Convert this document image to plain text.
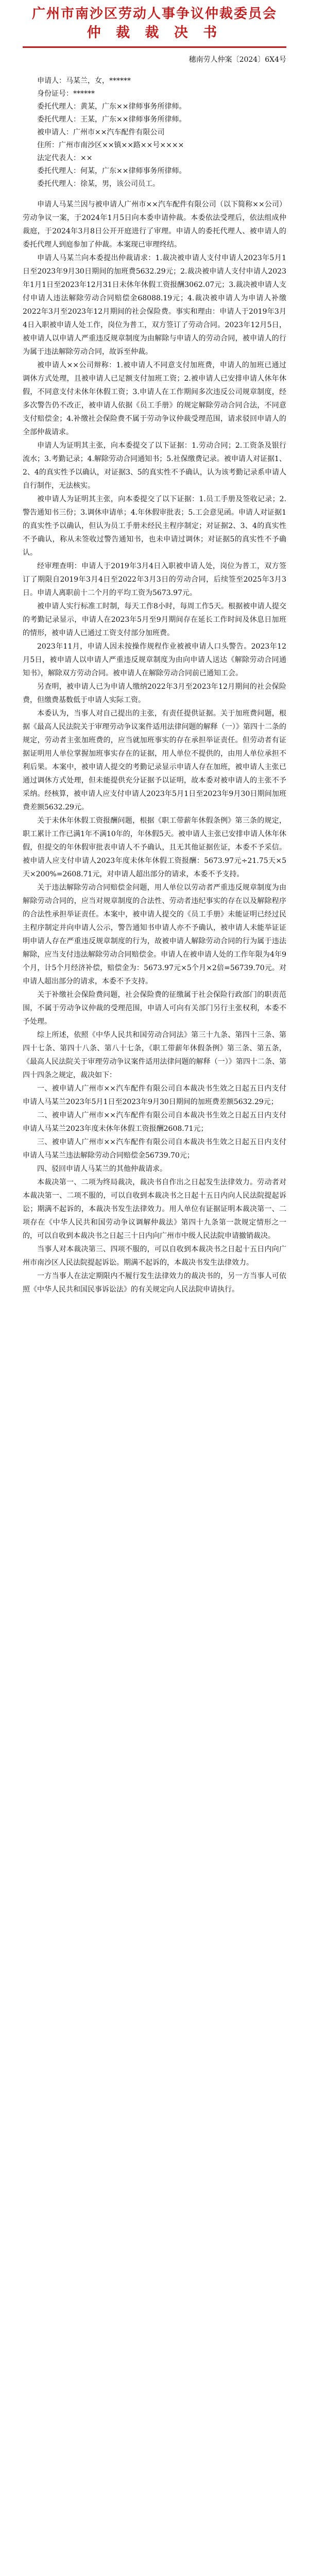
广州市南沙区劳动人事争议仲裁委员会
仲 裁 裁 决 书

穗南劳人仲案〔2024〕6Ⅹ4号

申请人：马某兰，女，******

身份证号：******

委托代理人：黄某，广东××律师事务所律师。

委托代理人：王某，广东××律师事务所律师。

被申请人：广州市××汽车配件有限公司

住所：广州市南沙区××镇××路××号××××

法定代表人：××

委托代理人：何某，广东××律师事务所律师。

委托代理人：徐某，男，该公司员工。

申请人马某兰因与被申请人广州市××汽车配件有限公司（以下简称××公司）劳动争议一案，于2024年1月5日向本委申请仲裁。本委依法受理后，依法组成仲裁庭，于2024年3月8日公开开庭进行了审理。申请人的委托代理人、被申请人的委托代理人到庭参加了仲裁。本案现已审理终结。

申请人马某兰向本委提出仲裁请求：1.裁决被申请人支付申请人2023年5月1日至2023年9月30日期间的加班费5632.29元；2.裁决被申请人支付申请人2023年1月1日至2023年12月31日未休年休假工资报酬3062.07元；3.裁决被申请人支付申请人违法解除劳动合同赔偿金68088.19元；4.裁决被申请人为申请人补缴2022年3月至2023年12月期间的社会保险费。事实和理由：申请人于2019年3月4日入职被申请人处工作，岗位为普工，双方签订了劳动合同。2023年12月5日，被申请人以申请人严重违反规章制度为由解除与申请人的劳动合同，被申请人的行为属于违法解除劳动合同，故诉至仲裁。

被申请人××公司辩称：1.被申请人不同意支付加班费，申请人的加班已通过调休方式处理，且被申请人已足额支付加班工资；2.被申请人已安排申请人休年休假，不同意支付未休年休假工资；3.申请人在工作期间多次违反公司规章制度，经多次警告仍不改正，被申请人依据《员工手册》的规定解除劳动合同合法，不同意支付赔偿金；4.补缴社会保险费不属于劳动争议仲裁受理范围，请求驳回申请人的全部仲裁请求。

申请人为证明其主张，向本委提交了以下证据：1.劳动合同；2.工资条及银行流水；3.考勤记录；4.解除劳动合同通知书；5.社保缴费记录。被申请人对证据1、2、4的真实性予以确认，对证据3、5的真实性不予确认，认为该考勤记录系申请人自行制作，无法核实。

被申请人为证明其主张，向本委提交了以下证据：1.员工手册及签收记录；2.警告通知书三份；3.调休申请单；4.年休假审批表；5.工会意见函。申请人对证据1的真实性予以确认，但认为员工手册未经民主程序制定；对证据2、3、4的真实性不予确认，称从未签收过警告通知书，也未申请过调休；对证据5的真实性不予确认。

经审理查明：申请人于2019年3月4日入职被申请人处，岗位为普工，双方签订了期限自2019年3月4日至2022年3月3日的劳动合同，后续签至2025年3月3日。申请人离职前十二个月的平均工资为5673.97元。

被申请人实行标准工时制，每天工作8小时，每周工作5天。根据被申请人提交的考勤记录显示，申请人在2023年5月至9月期间存在延长工作时间及休息日加班的情形，被申请人已通过工资支付部分加班费。

2023年11月，申请人因未按操作规程作业被被申请人口头警告。2023年12月5日，被申请人以申请人严重违反规章制度为由向申请人送达《解除劳动合同通知书》，解除双方劳动合同。被申请人在解除劳动合同前已通知工会。

另查明，被申请人已为申请人缴纳2022年3月至2023年12月期间的社会保险费，但缴费基数低于申请人实际工资。

本委认为，当事人对自己提出的主张，有责任提供证据。关于加班费问题，根据《最高人民法院关于审理劳动争议案件适用法律问题的解释（一）》第四十二条的规定，劳动者主张加班费的，应当就加班事实的存在承担举证责任。但劳动者有证据证明用人单位掌握加班事实存在的证据，用人单位不提供的，由用人单位承担不利后果。本案中，被申请人提交的考勤记录显示申请人存在加班，被申请人主张已通过调休方式处理，但未能提供充分证据予以证明，故本委对被申请人的主张不予采纳。经核算，被申请人应支付申请人2023年5月1日至2023年9月30日期间加班费差额5632.29元。

关于未休年休假工资报酬问题，根据《职工带薪年休假条例》第三条的规定，职工累计工作已满1年不满10年的，年休假5天。被申请人主张已安排申请人休年休假，但提交的年休假审批表申请人不予确认，且无其他证据佐证，本委不予采信。被申请人应支付申请人2023年度未休年休假工资报酬：5673.97元÷21.75天×5天×200%=2608.71元，对申请人超出部分的请求，本委不予支持。

关于违法解除劳动合同赔偿金问题，用人单位以劳动者严重违反规章制度为由解除劳动合同的，应当对规章制度的合法性、劳动者违纪事实的存在以及解除程序的合法性承担举证责任。本案中，被申请人提交的《员工手册》未能证明已经过民主程序制定并向申请人公示，警告通知书申请人亦不予确认，被申请人未能举证证明申请人存在严重违反规章制度的行为，故被申请人解除劳动合同的行为属于违法解除，应当支付违法解除劳动合同赔偿金。申请人在被申请人处的工作年限为4年9个月，计5个月经济补偿，赔偿金为：5673.97元×5个月×2倍=56739.70元。对申请人超出部分的请求，本委不予支持。

关于补缴社会保险费问题，社会保险费的征缴属于社会保险行政部门的职责范围，不属于劳动争议仲裁的受理范围，申请人可向有关部门另行主张权利，本委不予处理。

综上所述，依照《中华人民共和国劳动合同法》第三十九条、第四十三条、第四十七条、第四十八条、第八十七条，《职工带薪年休假条例》第三条、第五条，《最高人民法院关于审理劳动争议案件适用法律问题的解释（一）》第四十二条、第四十四条之规定，裁决如下：

一、被申请人广州市××汽车配件有限公司自本裁决书生效之日起五日内支付申请人马某兰2023年5月1日至2023年9月30日期间的加班费差额5632.29元；

二、被申请人广州市××汽车配件有限公司自本裁决书生效之日起五日内支付申请人马某兰2023年度未休年休假工资报酬2608.71元；

三、被申请人广州市××汽车配件有限公司自本裁决书生效之日起五日内支付申请人马某兰违法解除劳动合同赔偿金56739.70元；

四、驳回申请人马某兰的其他仲裁请求。

本裁决第一、二项为终局裁决，裁决书自作出之日起发生法律效力。劳动者对本裁决第一、二项不服的，可以自收到本裁决书之日起十五日内向人民法院提起诉讼；期满不起诉的，本裁决书发生法律效力。用人单位有证据证明本裁决第一、二项存在《中华人民共和国劳动争议调解仲裁法》第四十九条第一款规定情形之一的，可以自收到本裁决书之日起三十日内向广州市中级人民法院申请撤销裁决。

当事人对本裁决第三、四项不服的，可以自收到本裁决书之日起十五日内向广州市南沙区人民法院提起诉讼。期满不起诉的，本裁决书发生法律效力。

一方当事人在法定期限内不履行发生法律效力的裁决书的，另一方当事人可依照《中华人民共和国民事诉讼法》的有关规定向人民法院申请执行。
